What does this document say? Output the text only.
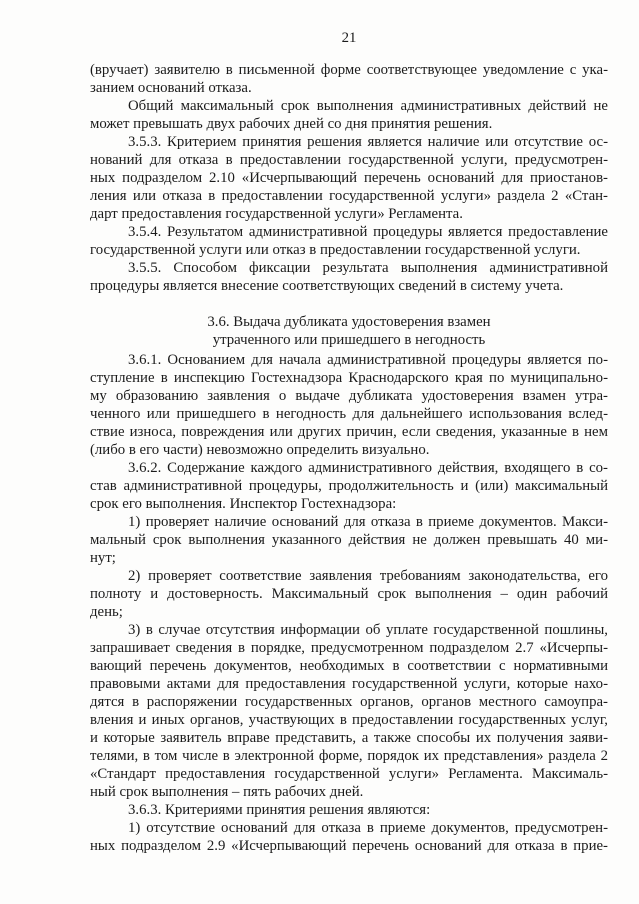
21
(вручает) заявителю в письменной форме соответствующее уведомление с ука-
занием оснований отказа.
Общий максимальный срок выполнения административных действий не
может превышать двух рабочих дней со дня принятия решения.
3.5.3. Критерием принятия решения является наличие или отсутствие ос-
нований для отказа в предоставлении государственной услуги, предусмотрен-
ных подразделом 2.10 «Исчерпывающий перечень оснований для приостанов-
ления или отказа в предоставлении государственной услуги» раздела 2 «Стан-
дарт предоставления государственной услуги» Регламента.
3.5.4. Результатом административной процедуры является предоставление
государственной услуги или отказ в предоставлении государственной услуги.
3.5.5. Способом фиксации результата выполнения административной
процедуры является внесение соответствующих сведений в систему учета.
3.6. Выдача дубликата удостоверения взамен
утраченного или пришедшего в негодность
3.6.1. Основанием для начала административной процедуры является по-
ступление в инспекцию Гостехнадзора Краснодарского края по муниципально-
му образованию заявления о выдаче дубликата удостоверения взамен утра-
ченного или пришедшего в негодность для дальнейшего использования вслед-
ствие износа, повреждения или других причин, если сведения, указанные в нем
(либо в его части) невозможно определить визуально.
3.6.2. Содержание каждого административного действия, входящего в со-
став административной процедуры, продолжительность и (или) максимальный
срок его выполнения. Инспектор Гостехнадзора:
1) проверяет наличие оснований для отказа в приеме документов. Макси-
мальный срок выполнения указанного действия не должен превышать 40 ми-
нут;
2) проверяет соответствие заявления требованиям законодательства, его
полноту и достоверность. Максимальный срок выполнения – один рабочий
день;
3) в случае отсутствия информации об уплате государственной пошлины,
запрашивает сведения в порядке, предусмотренном подразделом 2.7 «Исчерпы-
вающий перечень документов, необходимых в соответствии с нормативными
правовыми актами для предоставления государственной услуги, которые нахо-
дятся в распоряжении государственных органов, органов местного самоупра-
вления и иных органов, участвующих в предоставлении государственных услуг,
и которые заявитель вправе представить, а также способы их получения заяви-
телями, в том числе в электронной форме, порядок их представления» раздела 2
«Стандарт предоставления государственной услуги» Регламента. Максималь-
ный срок выполнения – пять рабочих дней.
3.6.3. Критериями принятия решения являются:
1) отсутствие оснований для отказа в приеме документов, предусмотрен-
ных подразделом 2.9 «Исчерпывающий перечень оснований для отказа в прие-
